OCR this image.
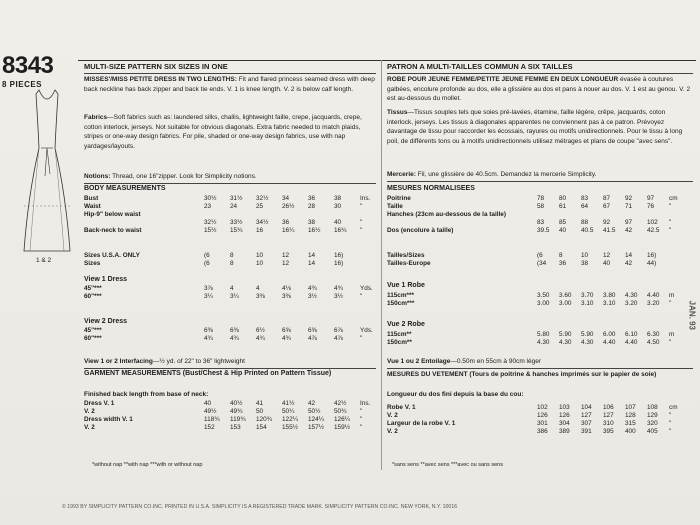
8343
8 PIECES
1 & 2
MULTI-SIZE PATTERN SIX SIZES IN ONE
MISSES'/MISS PETITE DRESS IN TWO LENGTHS: Fit and flared princess seamed dress with deep back neckline has back zipper and back tie ends. V. 1 is knee length. V. 2 is below calf length.
Fabrics—Soft fabrics such as: laundered silks, challis, lightweight faille, crepe, jacquards, crepe, cotton interlock, jerseys. Not suitable for obvious diagonals. Extra fabric needed to match plaids, stripes or one-way design fabrics. For pile, shaded or one-way design fabrics, use with nap yardages/layouts.
Notions: Thread, one 16"zipper. Look for Simplicity notions.
BODY MEASUREMENTS
Bust	30½	31½	32½	34	36	38	Ins.
Waist	23	24	25	26½	28	30	"
Hip-9" below waist							
	32½	33½	34½	36	38	40	"
Back-neck to waist	15½	15¾	16	16¼	16½	16¾	"
Sizes U.S.A. ONLY	(6	8	10	12	14	16)	
Sizes	(6	8	10	12	14	16)	
View 1 Dress
45"***	3⅞	4	4	4⅛	4¾	4¾	Yds.
60"***	3¼	3¼	3⅜	3⅜	3½	3½	"
View 2 Dress
45"***	6⅜	6⅜	6½	6⅝	6⅝	6⅞	Yds.
60"***	4¾	4¾	4¾	4¾	4⅞	4⅞	"
View 1 or 2 Interfacing—½ yd. of 22" to 36" lightweight
GARMENT MEASUREMENTS (Bust/Chest & Hip Printed on Pattern Tissue)
Finished back length from base of neck:
Dress V. 1	40	40½	41	41½	42	42½	Ins.
V. 2	49½	49¾	50	50¼	50½	50¾	"
Dress width V. 1	118¾	119¾	120¾	122¼	124¼	126¼	"
V. 2	152	153	154	155½	157½	159½	"
*without nap **with nap ***with or without nap
PATRON A MULTI-TAILLES COMMUN A SIX TAILLES
ROBE POUR JEUNE FEMME/PETITE JEUNE FEMME EN DEUX LONGUEUR évasée à coutures galbées, encolure profonde au dos, elle a glissière au dos et pans à nouer au dos. V. 1 est au genou. V. 2 est au-dessous du mollet.
Tissus—Tissus souples tels que soies pré-lavées, étamine, faille légère, crêpe, jacquards, coton interlock, jerseys. Les tissus à diagonales apparentes ne conviennent pas à ce patron. Prévoyez davantage de tissu pour raccorder les écossais, rayures ou motifs unidirectionnels. Pour le tissu à long poil, de différents tons ou à motifs unidirectionnels utilisez métrages et plans de coupe "avec sens".
Mercerie: Fil, une glissière de 40.5cm. Demandez la mercerie Simplicity.
MESURES NORMALISEES
Poitrine	78	80	83	87	92	97	cm
Taille	58	61	64	67	71	76	"
Hanches (23cm au-dessous de la taille)							
	83	85	88	92	97	102	"
Dos (encolure à taille)	39.5	40	40.5	41.5	42	42.5	"
Tailles/Sizes	(6	8	10	12	14	16)	
Tailles-Europe	(34	36	38	40	42	44)	
Vue 1 Robe
115cm***	3.50	3.60	3.70	3.80	4.30	4.40	m
150cm***	3.00	3.00	3.10	3.10	3.20	3.20	"
Vue 2 Robe
115cm**	5.80	5.90	5.90	6.00	6.10	6.30	m
150cm**	4.30	4.30	4.30	4.40	4.40	4.50	"
Vue 1 ou 2 Entoilage—0.50m en 55cm à 90cm léger
MESURES DU VETEMENT (Tours de poitrine & hanches imprimés sur le papier de soie)
Longueur du dos fini depuis la base du cou:
Robe V. 1	102	103	104	106	107	108	cm
V. 2	126	126	127	127	128	129	"
Largeur de la robe V. 1	301	304	307	310	315	320	"
V. 2	386	389	391	395	400	405	"
*sans sens **avec sens ***avec ou sans sens
JAN. 93
© 1993 BY SIMPLICITY PATTERN CO.INC. PRINTED IN U.S.A. SIMPLICITY IS A REGISTERED TRADE MARK. SIMPLICITY PATTERN CO.INC. NEW YORK, N.Y. 10016
